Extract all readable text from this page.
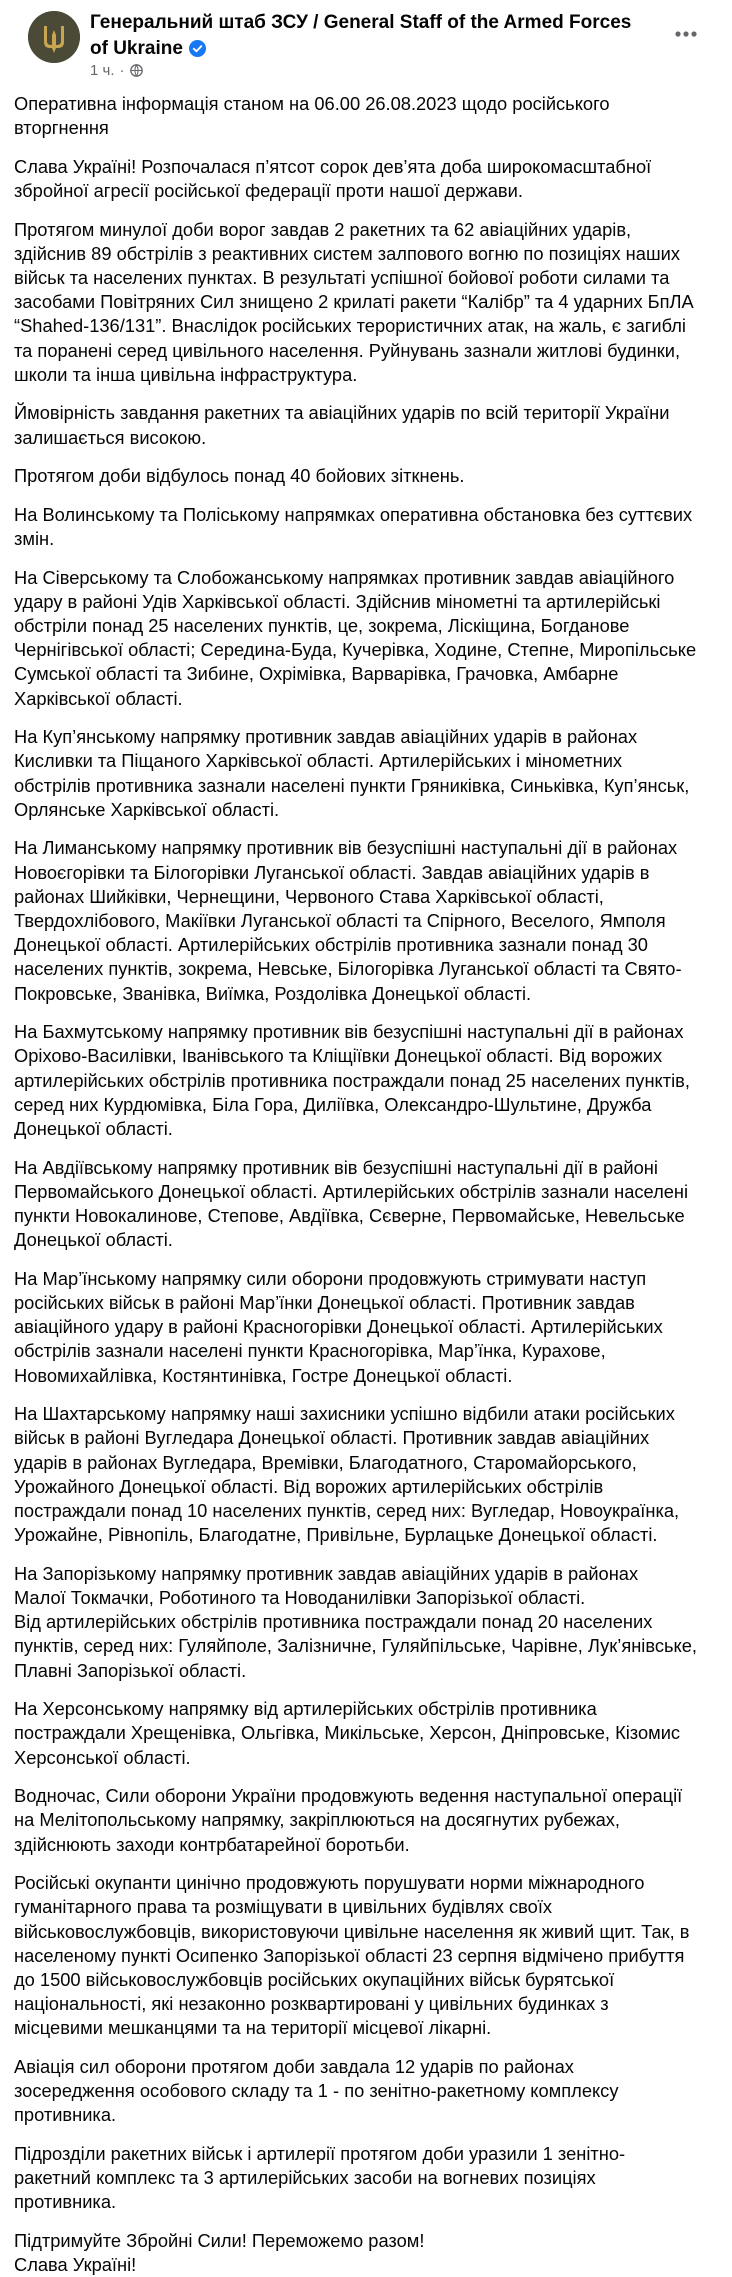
Генеральний штаб ЗСУ / General Staff of the Armed Forces of Ukraine
1 ч. ·

Оперативна інформація станом на 06.00 26.08.2023 щодо російського
вторгнення

Слава Україні! Розпочалася п’ятсот сорок дев’ята доба широкомасштабної
збройної агресії російської федерації проти нашої держави.

Протягом минулої доби ворог завдав 2 ракетних та 62 авіаційних ударів,
здійснив 89 обстрілів з реактивних систем залпового вогню по позиціях наших
військ та населених пунктах. В результаті успішної бойової роботи силами та
засобами Повітряних Сил знищено 2 крилаті ракети “Калібр” та 4 ударних БпЛА
“Shahed-136/131”. Внаслідок російських терористичних атак, на жаль, є загиблі
та поранені серед цивільного населення. Руйнувань зазнали житлові будинки,
школи та інша цивільна інфраструктура.

Ймовірність завдання ракетних та авіаційних ударів по всій території України
залишається високою.

Протягом доби відбулось понад 40 бойових зіткнень.

На Волинському та Поліському напрямках оперативна обстановка без суттєвих
змін.

На Сіверському та Слобожанському напрямках противник завдав авіаційного
удару в районі Удів Харківської області. Здійснив мінометні та артилерійські
обстріли понад 25 населених пунктів, це, зокрема, Ліскіщина, Богданове
Чернігівської області; Середина-Буда, Кучерівка, Ходине, Степне, Миропільське
Сумської області та Зибине, Охрімівка, Варварівка, Грачовка, Амбарне
Харківської області.

На Куп’янському напрямку противник завдав авіаційних ударів в районах
Кисливки та Піщаного Харківської області. Артилерійських і мінометних
обстрілів противника зазнали населені пункти Гряниківка, Синьківка, Куп’янськ,
Орлянське Харківської області.

На Лиманському напрямку противник вів безуспішні наступальні дії в районах
Новоєгорівки та Білогорівки Луганської області. Завдав авіаційних ударів в
районах Шийківки, Чернещини, Червоного Става Харківської області,
Твердохлібового, Макіївки Луганської області та Спірного, Веселого, Ямполя
Донецької області. Артилерійських обстрілів противника зазнали понад 30
населених пунктів, зокрема, Невське, Білогорівка Луганської області та Свято-
Покровське, Званівка, Виїмка, Роздолівка Донецької області.

На Бахмутському напрямку противник вів безуспішні наступальні дії в районах
Оріхово-Василівки, Іванівського та Кліщіївки Донецької області. Від ворожих
артилерійських обстрілів противника постраждали понад 25 населених пунктів,
серед них Курдюмівка, Біла Гора, Диліївка, Олександро-Шультине, Дружба
Донецької області.

На Авдіївському напрямку противник вів безуспішні наступальні дії в районі
Первомайського Донецької області. Артилерійських обстрілів зазнали населені
пункти Новокалинове, Степове, Авдіївка, Сєверне, Первомайське, Невельське
Донецької області.

На Мар’їнському напрямку сили оборони продовжують стримувати наступ
російських військ в районі Мар’їнки Донецької області. Противник завдав
авіаційного удару в районі Красногорівки Донецької області. Артилерійських
обстрілів зазнали населені пункти Красногорівка, Мар’їнка, Курахове,
Новомихайлівка, Костянтинівка, Гостре Донецької області.

На Шахтарському напрямку наші захисники успішно відбили атаки російських
військ в районі Вугледара Донецької області. Противник завдав авіаційних
ударів в районах Вугледара, Времівки, Благодатного, Старомайорського,
Урожайного Донецької області. Від ворожих артилерійських обстрілів
постраждали понад 10 населених пунктів, серед них: Вугледар, Новоукраїнка,
Урожайне, Рівнопіль, Благодатне, Привільне, Бурлацьке Донецької області.

На Запорізькому напрямку противник завдав авіаційних ударів в районах
Малої Токмачки, Роботиного та Новоданилівки Запорізької області.
Від артилерійських обстрілів противника постраждали понад 20 населених
пунктів, серед них: Гуляйполе, Залізничне, Гуляйпільське, Чарівне, Лук’янівське,
Плавні Запорізької області.

На Херсонському напрямку від артилерійських обстрілів противника
постраждали Хрещенівка, Ольгівка, Микільське, Херсон, Дніпровське, Кізомис
Херсонської області.

Водночас, Сили оборони України продовжують ведення наступальної операції
на Мелітопольському напрямку, закріплюються на досягнутих рубежах,
здійснюють заходи контрбатарейної боротьби.

Російські окупанти цинічно продовжують порушувати норми міжнародного
гуманітарного права та розміщувати в цивільних будівлях своїх
військовослужбовців, використовуючи цивільне населення як живий щит. Так, в
населеному пункті Осипенко Запорізької області 23 серпня відмічено прибуття
до 1500 військовослужбовців російських окупаційних військ бурятської
національності, які незаконно розквартировані у цивільних будинках з
місцевими мешканцями та на території місцевої лікарні.

Авіація сил оборони протягом доби завдала 12 ударів по районах
зосередження особового складу та 1 - по зенітно-ракетному комплексу
противника.

Підрозділи ракетних військ і артилерії протягом доби уразили 1 зенітно-
ракетний комплекс та 3 артилерійських засоби на вогневих позиціях
противника.

Підтримуйте Збройні Сили! Переможемо разом!
Слава Україні!
